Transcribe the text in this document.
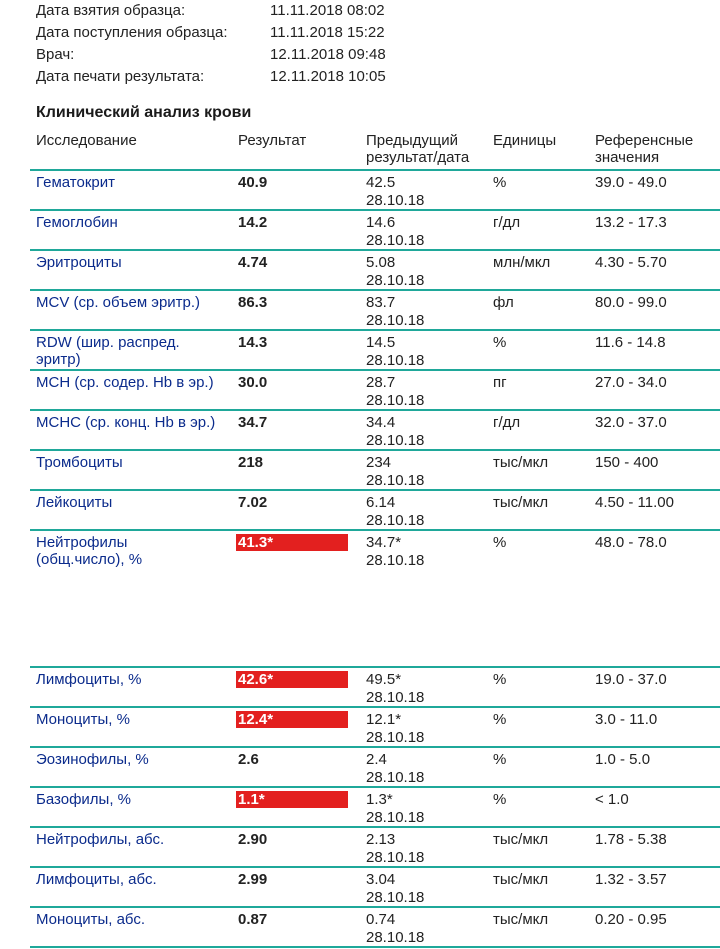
Дата взятия образца:	11.11.2018 08:02
Дата поступления образца:	11.11.2018 15:22
Врач:	12.11.2018 09:48
Дата печати результата:	12.11.2018 10:05
Клинический анализ крови
Исследование	Результат	Предыдущий
результат/дата
Единицы	Референсные
значения
Гематокрит	40.9	42.5
28.10.18
%	39.0 - 49.0
Гемоглобин	14.2	14.6
28.10.18
г/дл	13.2 - 17.3
Эритроциты	4.74	5.08
28.10.18
млн/мкл	4.30 - 5.70
MCV (ср. объем эритр.)	86.3	83.7
28.10.18
фл	80.0 - 99.0
RDW (шир. распред.
эритр)
14.3	14.5
28.10.18
%	11.6 - 14.8
MCH (ср. содер. Hb в эр.)	30.0	28.7
28.10.18
пг	27.0 - 34.0
MCHC (ср. конц. Hb в эр.)	34.7	34.4
28.10.18
г/дл	32.0 - 37.0
Тромбоциты	218	234
28.10.18
тыс/мкл	150 - 400
Лейкоциты	7.02	6.14
28.10.18
тыс/мкл	4.50 - 11.00
Нейтрофилы
(общ.число), %
41.3*	34.7*
28.10.18
%	48.0 - 78.0
Лимфоциты, %	42.6*	49.5*
28.10.18
%	19.0 - 37.0
Моноциты, %	12.4*	12.1*
28.10.18
%	3.0 - 11.0
Эозинофилы, %	2.6	2.4
28.10.18
%	1.0 - 5.0
Базофилы, %	1.1*	1.3*
28.10.18
%	< 1.0
Нейтрофилы, абс.	2.90	2.13
28.10.18
тыс/мкл	1.78 - 5.38
Лимфоциты, абс.	2.99	3.04
28.10.18
тыс/мкл	1.32 - 3.57
Моноциты, абс.	0.87	0.74
28.10.18
тыс/мкл	0.20 - 0.95
